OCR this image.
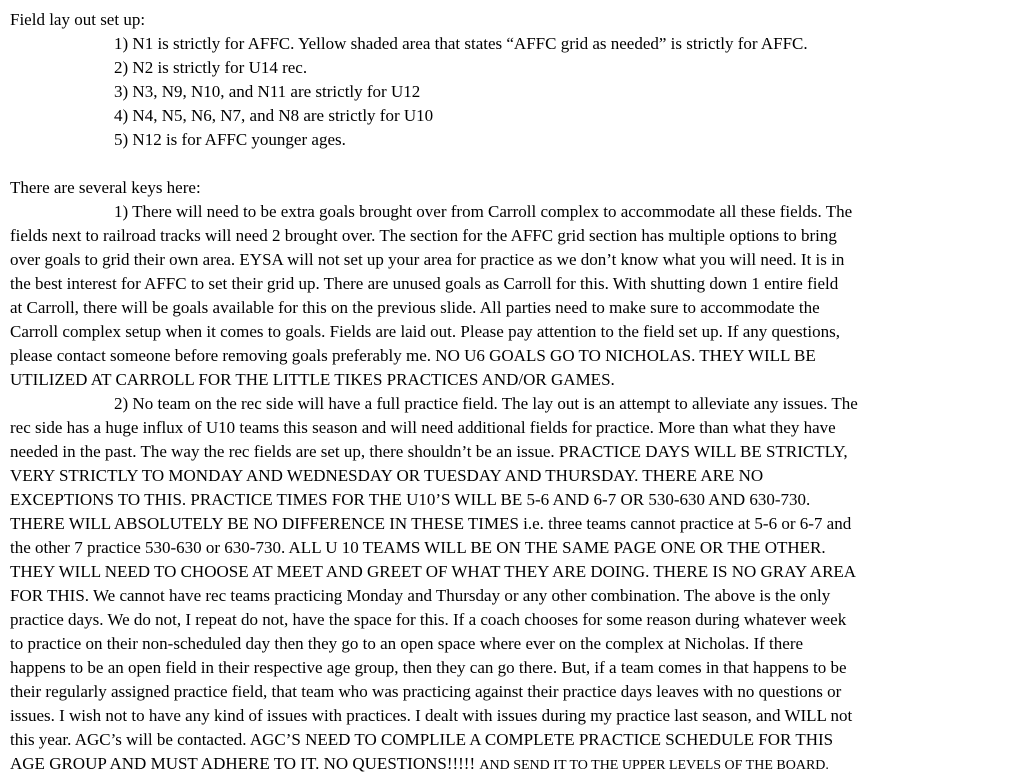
Field lay out set up:
1) N1 is strictly for AFFC. Yellow shaded area that states “AFFC grid as needed” is strictly for AFFC.
2) N2 is strictly for U14 rec.
3) N3, N9, N10, and N11 are strictly for U12
4) N4, N5, N6, N7, and N8 are strictly for U10
5) N12 is for AFFC younger ages.
There are several keys here:
1) There will need to be extra goals brought over from Carroll complex to accommodate all these fields. The
fields next to railroad tracks will need 2 brought over. The section for the AFFC grid section has multiple options to bring
over goals to grid their own area. EYSA will not set up your area for practice as we don’t know what you will need. It is in
the best interest for AFFC to set their grid up. There are unused goals as Carroll for this. With shutting down 1 entire field
at Carroll, there will be goals available for this on the previous slide. All parties need to make sure to accommodate the
Carroll complex setup when it comes to goals. Fields are laid out. Please pay attention to the field set up. If any questions,
please contact someone before removing goals preferably me. NO U6 GOALS GO TO NICHOLAS. THEY WILL BE
UTILIZED AT CARROLL FOR THE LITTLE TIKES PRACTICES AND/OR GAMES.
2) No team on the rec side will have a full practice field. The lay out is an attempt to alleviate any issues. The
rec side has a huge influx of U10 teams this season and will need additional fields for practice. More than what they have
needed in the past. The way the rec fields are set up, there shouldn’t be an issue. PRACTICE DAYS WILL BE STRICTLY,
VERY STRICTLY TO MONDAY AND WEDNESDAY OR TUESDAY AND THURSDAY. THERE ARE NO
EXCEPTIONS TO THIS. PRACTICE TIMES FOR THE U10’S WILL BE 5-6 AND 6-7 OR 530-630 AND 630-730.
THERE WILL ABSOLUTELY BE NO DIFFERENCE IN THESE TIMES i.e. three teams cannot practice at 5-6 or 6-7 and
the other 7 practice 530-630 or 630-730. ALL U 10 TEAMS WILL BE ON THE SAME PAGE ONE OR THE OTHER.
THEY WILL NEED TO CHOOSE AT MEET AND GREET OF WHAT THEY ARE DOING. THERE IS NO GRAY AREA
FOR THIS. We cannot have rec teams practicing Monday and Thursday or any other combination. The above is the only
practice days. We do not, I repeat do not, have the space for this. If a coach chooses for some reason during whatever week
to practice on their non-scheduled day then they go to an open space where ever on the complex at Nicholas. If there
happens to be an open field in their respective age group, then they can go there. But, if a team comes in that happens to be
their regularly assigned practice field, that team who was practicing against their practice days leaves with no questions or
issues. I wish not to have any kind of issues with practices. I dealt with issues during my practice last season, and WILL not
this year. AGC’s will be contacted. AGC’S NEED TO COMPLILE A COMPLETE PRACTICE SCHEDULE FOR THIS
AGE GROUP AND MUST ADHERE TO IT. NO QUESTIONS!!!!! AND SEND IT TO THE UPPER LEVELS OF THE BOARD.
